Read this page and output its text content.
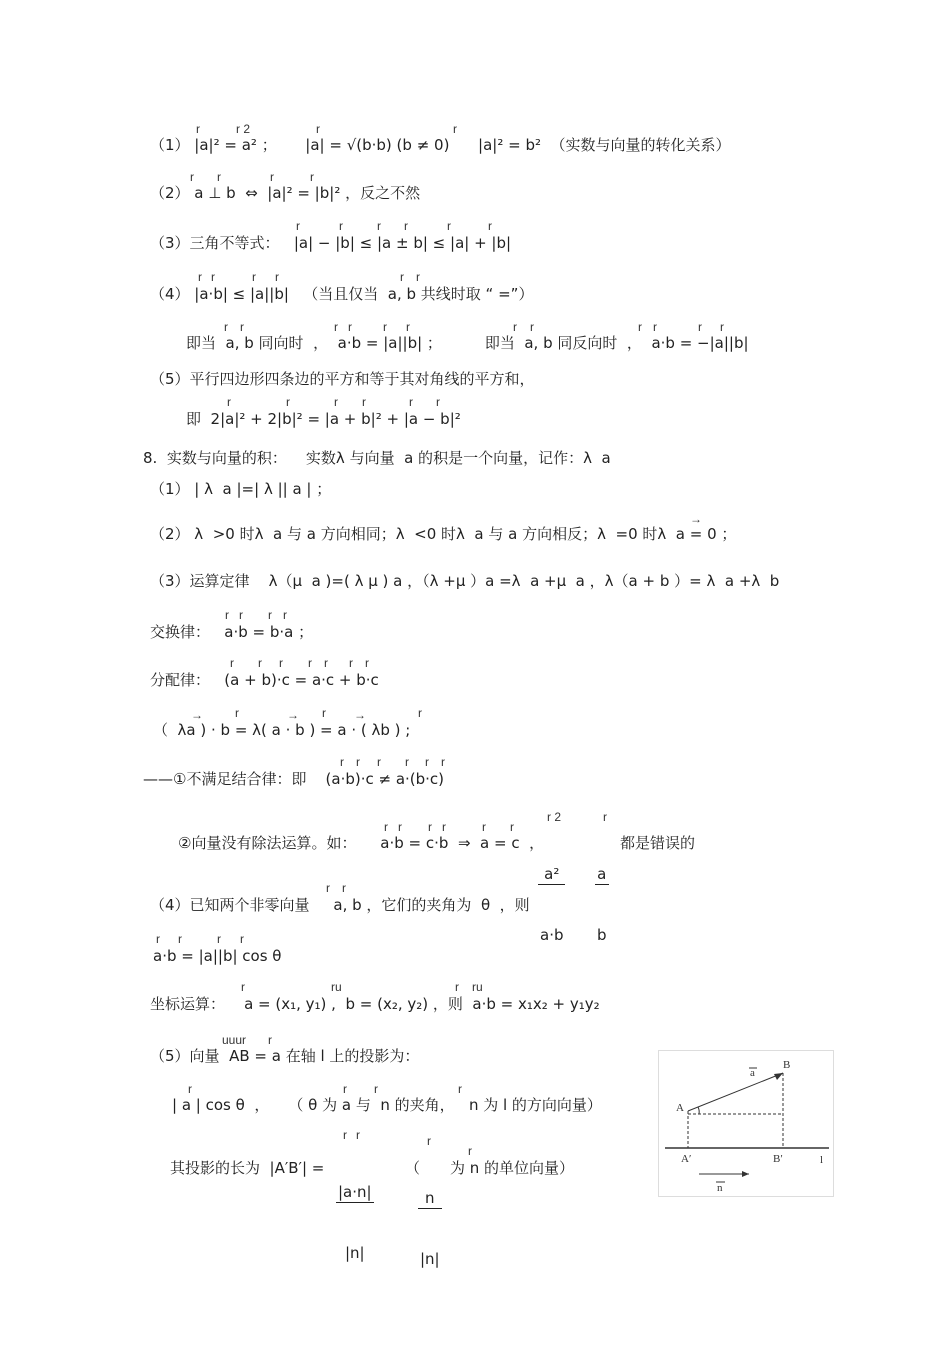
（1） |a|² = a² ；      |a| = √(b·b) (b ≠ 0)      |a|² = b²  （实数与向量的转化关系）
r	r 2	r	r
（2） a ⊥ b  ⇔  |a|² = |b|² ，反之不然
r r	r	r
（3）三角不等式：   |a| − |b| ≤ |a ± b| ≤ |a| + |b|
r	r	r r	r	r
（4） |a·b| ≤ |a||b|   （当且仅当  a, b 共线时取 “ =”）
r r	r r	r r
即当  a, b 同向时  ，  a·b = |a||b| ；         即当  a, b 同反向时  ，  a·b = −|a||b|
r r	r r	r r	r r	r r	r r
（5）平行四边形四条边的平方和等于其对角线的平方和，
即  2|a|² + 2|b|² = |a + b|² + |a − b|²
r	r	r r	r r
8.  实数与向量的积：    实数λ 与向量  a 的积是一个向量，记作：λ  a
（1） | λ  a |=| λ || a | ；
（2） λ  >0 时λ  a 与 a 方向相同；λ  <0 时λ  a 与 a 方向相反；λ  =0 时λ  a = 0 ；
→
（3）运算定律    λ（μ  a )=( λ μ ) a ，（λ +μ ）a =λ  a +μ  a ，λ（a + b ）= λ  a +λ  b
交换律：   a·b = b·a ；
r r r r
分配律：   (a + b)·c = a·c + b·c
r r r r r r r
（  λa ) · b = λ( a · b ) = a · ( λb ) ;
→	r	→ r →	r
——①不满足结合律：即    (a·b)·c ≠ a·(b·c)
r r r r r r
②向量没有除法运算。如：     a·b = c·b  ⇒  a = c  ，
r r r r	r r

$\frac{\text{a²}}{a\cdot b}$

r 2

$\frac{a}{b}$

r
都是错误的
（4）已知两个非零向量     a, b ，它们的夹角为  θ  ，则
r r
a·b = |a||b| cos θ
r r	r r
坐标运算：    a = (x₁, y₁) ,  b = (x₂, y₂) ，则  a·b = x₁x₂ + y₁y₂
r	ru	r ru
（5）向量  AB = a 在轴 l 上的投影为：
uuur r
| a | cos θ  ，    （ θ 为 a 与  n 的夹角，   n 为 l 的方向向量）
r	r r	r
其投影的长为  |A′B′| =

$\frac{|a\cdot n|}{|n|}$

r r
（

$\frac{n}{|n|}$

r
为 n 的单位向量）
r
A
B
A′	B′	l
a
n
